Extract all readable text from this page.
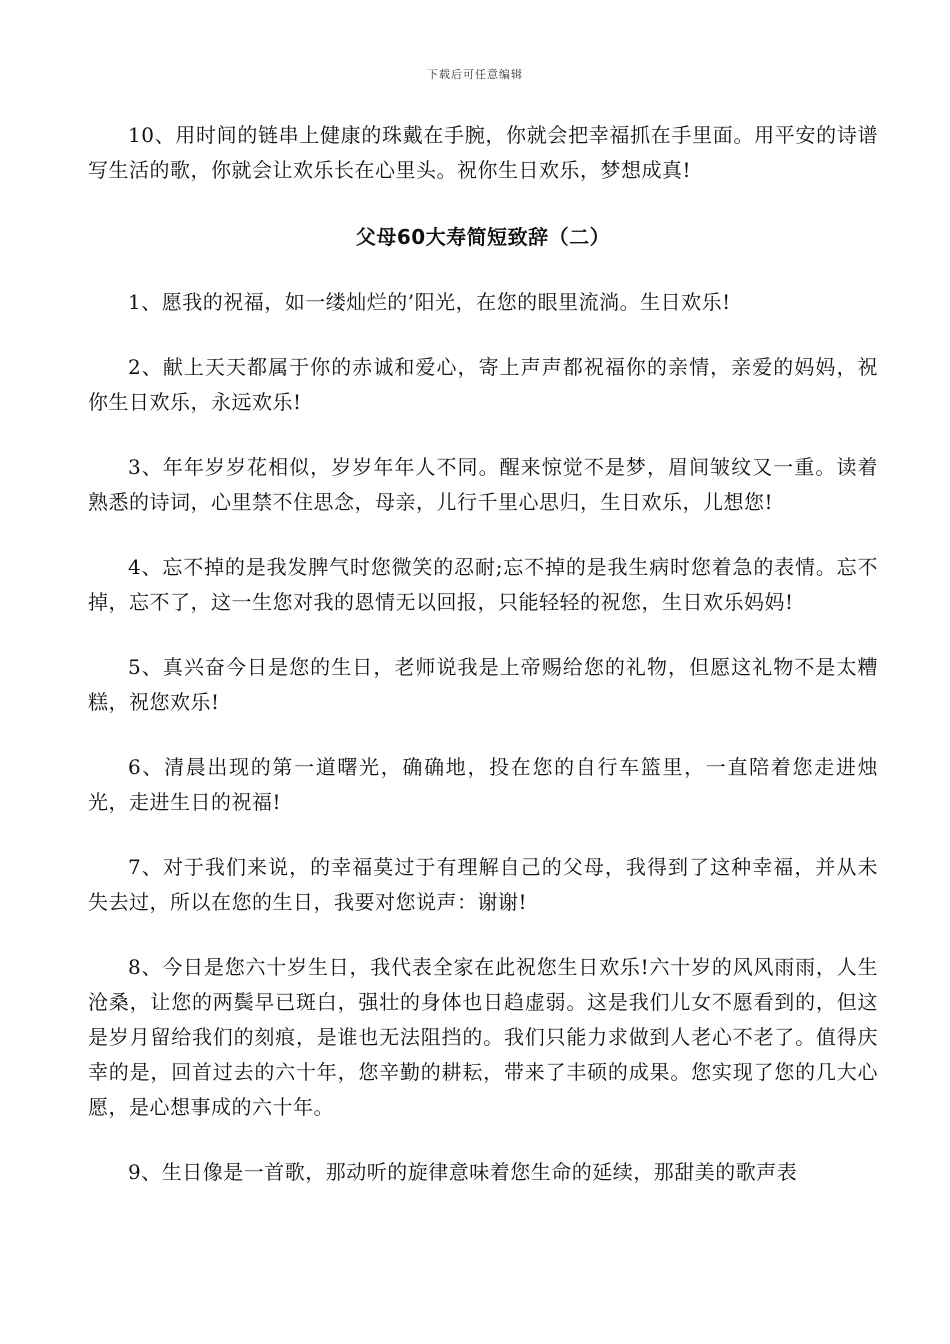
下载后可任意编辑

10、用时间的链串上健康的珠戴在手腕，你就会把幸福抓在手里面。用平安的诗谱写生活的歌，你就会让欢乐长在心里头。祝你生日欢乐，梦想成真!

父母60大寿简短致辞（二）

1、愿我的祝福，如一缕灿烂的’阳光，在您的眼里流淌。生日欢乐!

2、献上天天都属于你的赤诚和爱心，寄上声声都祝福你的亲情，亲爱的妈妈，祝你生日欢乐，永远欢乐!

3、年年岁岁花相似，岁岁年年人不同。醒来惊觉不是梦，眉间皱纹又一重。读着熟悉的诗词，心里禁不住思念，母亲，儿行千里心思归，生日欢乐，儿想您!

4、忘不掉的是我发脾气时您微笑的忍耐;忘不掉的是我生病时您着急的表情。忘不掉，忘不了，这一生您对我的恩情无以回报，只能轻轻的祝您，生日欢乐妈妈!

5、真兴奋今日是您的生日，老师说我是上帝赐给您的礼物，但愿这礼物不是太糟糕，祝您欢乐!

6、清晨出现的第一道曙光，确确地，投在您的自行车篮里，一直陪着您走进烛光，走进生日的祝福!

7、对于我们来说，的幸福莫过于有理解自己的父母，我得到了这种幸福，并从未失去过，所以在您的生日，我要对您说声：谢谢!

8、今日是您六十岁生日，我代表全家在此祝您生日欢乐!六十岁的风风雨雨，人生沧桑，让您的两鬓早已斑白，强壮的身体也日趋虚弱。这是我们儿女不愿看到的，但这是岁月留给我们的刻痕，是谁也无法阻挡的。我们只能力求做到人老心不老了。值得庆幸的是，回首过去的六十年，您辛勤的耕耘，带来了丰硕的成果。您实现了您的几大心愿，是心想事成的六十年。

9、生日像是一首歌，那动听的旋律意味着您生命的延续，那甜美的歌声表
